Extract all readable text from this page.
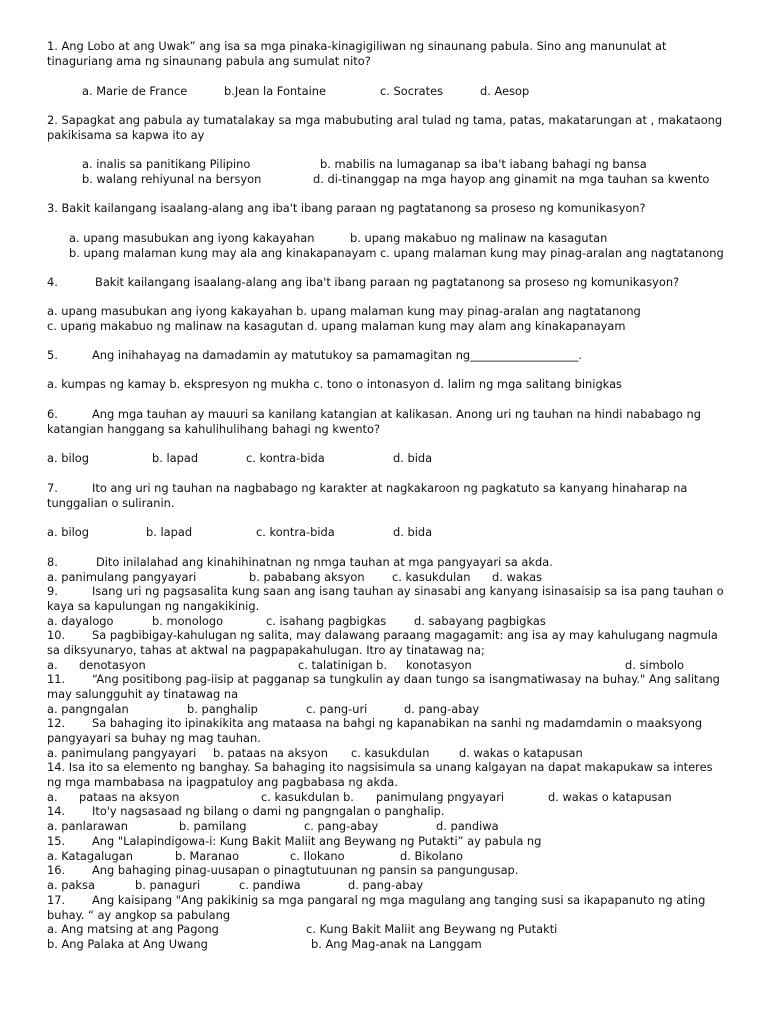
1. Ang Lobo at ang Uwak” ang isa sa mga pinaka-kinagigiliwan ng sinaunang pabula. Sino ang manunulat at
tinaguriang ama ng sinaunang pabula ang sumulat nito?
a. Marie de France	b.Jean la Fontaine	c. Socrates	d. Aesop
2. Sapagkat ang pabula ay tumatalakay sa mga mabubuting aral tulad ng tama, patas, makatarungan at , makataong
pakikisama sa kapwa ito ay
a. inalis sa panitikang Pilipino	b. mabilis na lumaganap sa iba't iabang bahagi ng bansa
b. walang rehiyunal na bersyon	d. di-tinanggap na mga hayop ang ginamit na mga tauhan sa kwento
3. Bakit kailangang isaalang-alang ang iba't ibang paraan ng pagtatanong sa proseso ng komunikasyon?
a. upang masubukan ang iyong kakayahan	b. upang makabuo ng malinaw na kasagutan
b. upang malaman kung may ala ang kinakapanayam c. upang malaman kung may pinag-aralan ang nagtatanong
4.	Bakit kailangang isaalang-alang ang iba't ibang paraan ng pagtatanong sa proseso ng komunikasyon?
a. upang masubukan ang iyong kakayahan b. upang malaman kung may pinag-aralan ang nagtatanong
c. upang makabuo ng malinaw na kasagutan d. upang malaman kung may alam ang kinakapanayam
5.	Ang inihahayag na damadamin ay matutukoy sa pamamagitan ng___________________.
a. kumpas ng kamay b. ekspresyon ng mukha c. tono o intonasyon d. lalim ng mga salitang binigkas
6.	Ang mga tauhan ay mauuri sa kanilang katangian at kalikasan. Anong uri ng tauhan na hindi nababago ng
katangian hanggang sa kahulihulihang bahagi ng kwento?
a. bilog	b. lapad	c. kontra-bida	d. bida
7.	Ito ang uri ng tauhan na nagbabago ng karakter at nagkakaroon ng pagkatuto sa kanyang hinaharap na
tunggalian o suliranin.
a. bilog	b. lapad	c. kontra-bida	d. bida
8.	Dito inilalahad ang kinahihinatnan ng nmga tauhan at mga pangyayari sa akda.
a. panimulang pangyayari	b. pababang aksyon c. kasukdulan d. wakas
9.	Isang uri ng pagsasalita kung saan ang isang tauhan ay sinasabi ang kanyang isinasaisip sa isa pang tauhan o
kaya sa kapulungan ng nangakikinig.
a. dayalogo	b. monologo	c. isahang pagbigkas d. sabayang pagbigkas
10. Sa pagbibigay-kahulugan ng salita, may dalawang paraang magagamit: ang isa ay may kahulugang nagmula
sa diksyunaryo, tahas at aktwal na pagpapakahulugan. Itro ay tinatawag na;
a. denotasyon	c. talatinigan b. konotasyon	d. simbolo
11. “Ang positibong pag-iisip at pagganap sa tungkulin ay daan tungo sa isangmatiwasay na buhay." Ang salitang
may salungguhit ay tinatawag na
a. pangngalan	b. panghalip	c. pang-uri	d. pang-abay
12. Sa bahaging ito ipinakikita ang mataasa na bahgi ng kapanabikan na sanhi ng madamdamin o maaksyong
pangyayari sa buhay ng mag tauhan.
a. panimulang pangyayari b. pataas na aksyon c. kasukdulan	d. wakas o katapusan
14. Isa ito sa elemento ng banghay. Sa bahaging ito nagsisimula sa unang kalgayan na dapat makapukaw sa interes
ng mga mambabasa na ipagpatuloy ang pagbabasa ng akda.
a. pataas na aksyon	c. kasukdulan b. panimulang pngyayari	d. wakas o katapusan
14. Ito'y nagsasaad ng bilang o dami ng pangngalan o panghalip.
a. panlarawan	b. pamilang	c. pang-abay	d. pandiwa
15. Ang "Lalapindigowa-i: Kung Bakit Maliit ang Beywang ng Putakti” ay pabula ng
a. Katagalugan	b. Maranao	c. Ilokano	d. Bikolano
16. Ang bahaging pinag-uusapan o pinagtutuunan ng pansin sa pangungusap.
a. paksa	b. panaguri	c. pandiwa	d. pang-abay
17. Ang kaisipang "Ang pakikinig sa mga pangaral ng mga magulang ang tanging susi sa ikapapanuto ng ating
buhay. “ ay angkop sa pabulang
a. Ang matsing at ang Pagong	c. Kung Bakit Maliit ang Beywang ng Putakti
b. Ang Palaka at Ang Uwang	b. Ang Mag-anak na Langgam
